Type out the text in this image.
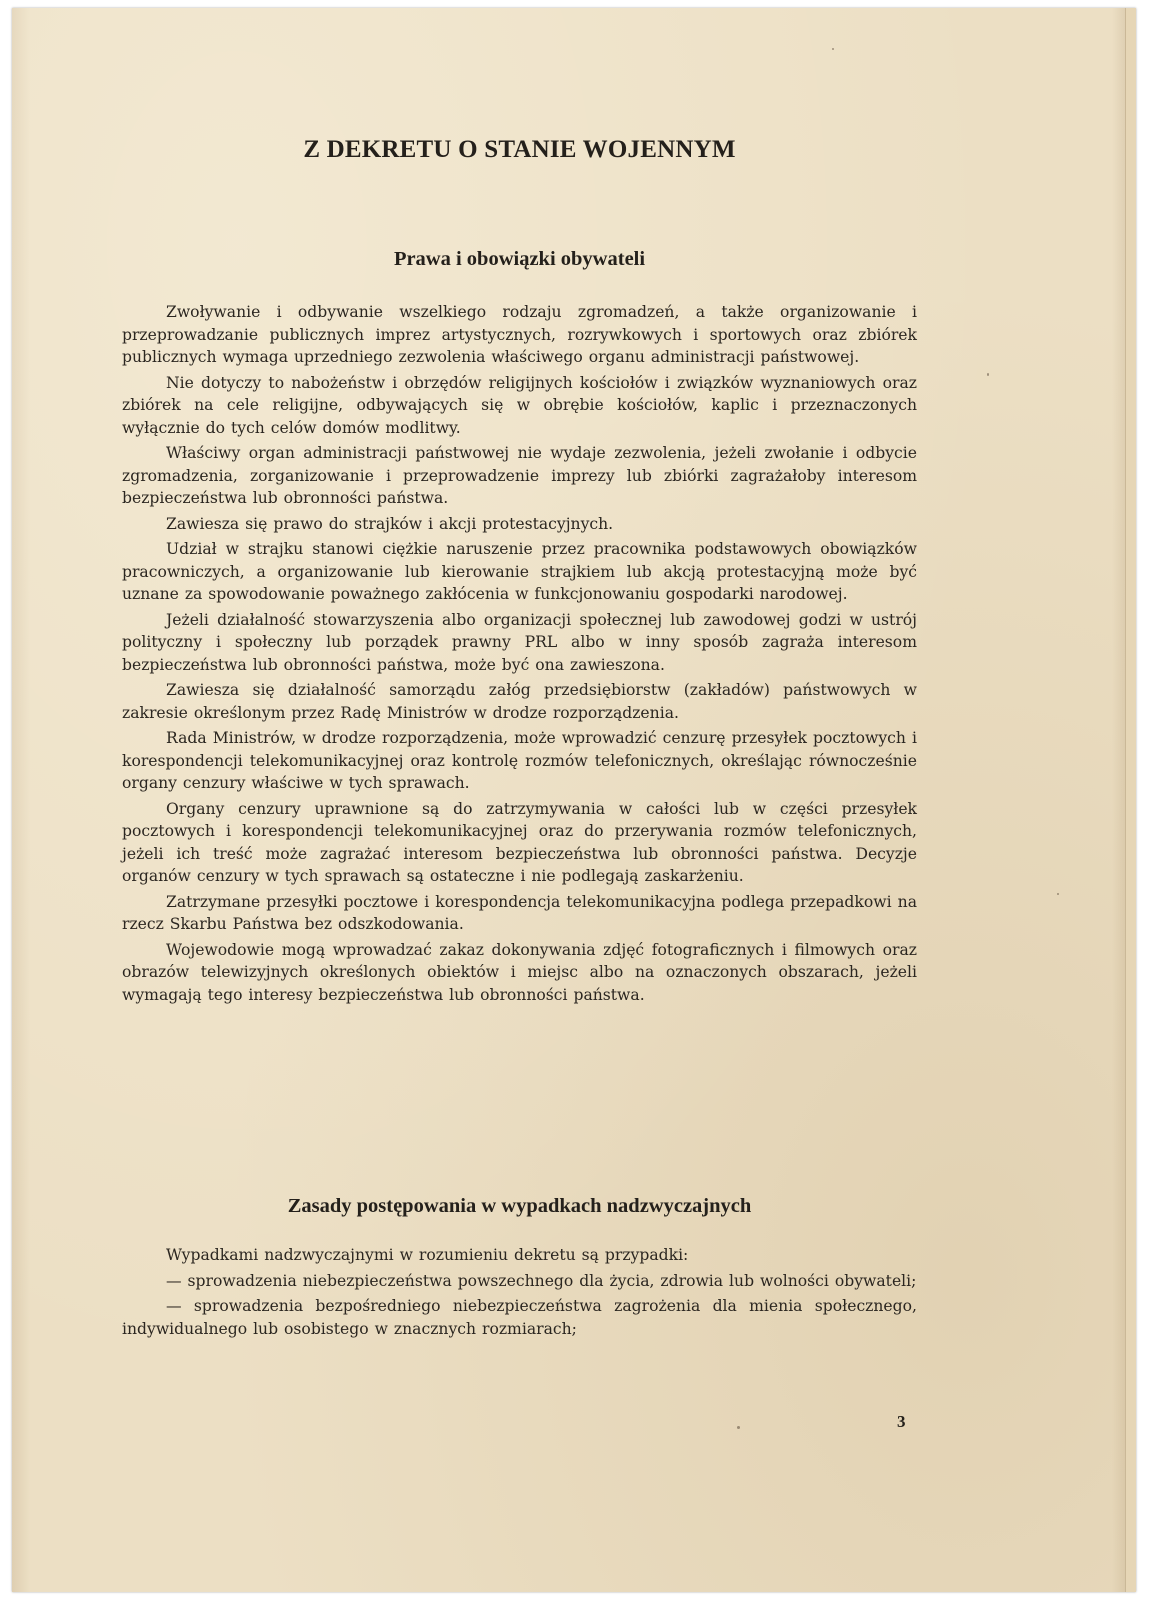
Z DEKRETU O STANIE WOJENNYM
Prawa i obowiązki obywateli

Zwoływanie i odbywanie wszelkiego rodzaju zgromadzeń, a także organizowanie i przeprowadzanie publicznych imprez artystycznych, rozrywkowych i sportowych oraz zbiórek publicznych wymaga uprzedniego zezwolenia właściwego organu administracji państwowej.

Nie dotyczy to nabożeństw i obrzędów religijnych kościołów i związków wyznaniowych oraz zbiórek na cele religijne, odbywających się w obrębie kościołów, kaplic i przeznaczonych wyłącznie do tych celów domów modlitwy.

Właściwy organ administracji państwowej nie wydaje zezwolenia, jeżeli zwołanie i odbycie zgromadzenia, zorganizowanie i przeprowadzenie imprezy lub zbiórki zagrażałoby interesom bezpieczeństwa lub obronności państwa.

Zawiesza się prawo do strajków i akcji protestacyjnych.

Udział w strajku stanowi ciężkie naruszenie przez pracownika podstawowych obowiązków pracowniczych, a organizowanie lub kierowanie strajkiem lub akcją protestacyjną może być uznane za spowodowanie poważnego zakłócenia w funkcjonowaniu gospodarki narodowej.

Jeżeli działalność stowarzyszenia albo organizacji społecznej lub zawodowej godzi w ustrój polityczny i społeczny lub porządek prawny PRL albo w inny sposób zagraża interesom bezpieczeństwa lub obronności państwa, może być ona zawieszona.

Zawiesza się działalność samorządu załóg przedsiębiorstw (zakładów) państwowych w zakresie określonym przez Radę Ministrów w drodze rozporządzenia.

Rada Ministrów, w drodze rozporządzenia, może wprowadzić cenzurę przesyłek pocztowych i korespondencji telekomunikacyjnej oraz kontrolę rozmów telefonicznych, określając równocześnie organy cenzury właściwe w tych sprawach.

Organy cenzury uprawnione są do zatrzymywania w całości lub w części przesyłek pocztowych i korespondencji telekomunikacyjnej oraz do przerywania rozmów telefonicznych, jeżeli ich treść może zagrażać interesom bezpieczeństwa lub obronności państwa. Decyzje organów cenzury w tych sprawach są ostateczne i nie podlegają zaskarżeniu.

Zatrzymane przesyłki pocztowe i korespondencja telekomunikacyjna podlega przepadkowi na rzecz Skarbu Państwa bez odszkodowania.

Wojewodowie mogą wprowadzać zakaz dokonywania zdjęć fotograficznych i filmowych oraz obrazów telewizyjnych określonych obiektów i miejsc albo na oznaczonych obszarach, jeżeli wymagają tego interesy bezpieczeństwa lub obronności państwa.

Zasady postępowania w wypadkach nadzwyczajnych

Wypadkami nadzwyczajnymi w rozumieniu dekretu są przypadki:

— sprowadzenia niebezpieczeństwa powszechnego dla życia, zdrowia lub wolności obywateli;

— sprowadzenia bezpośredniego niebezpieczeństwa zagrożenia dla mienia społecznego, indywidualnego lub osobistego w znacznych rozmiarach;

3
